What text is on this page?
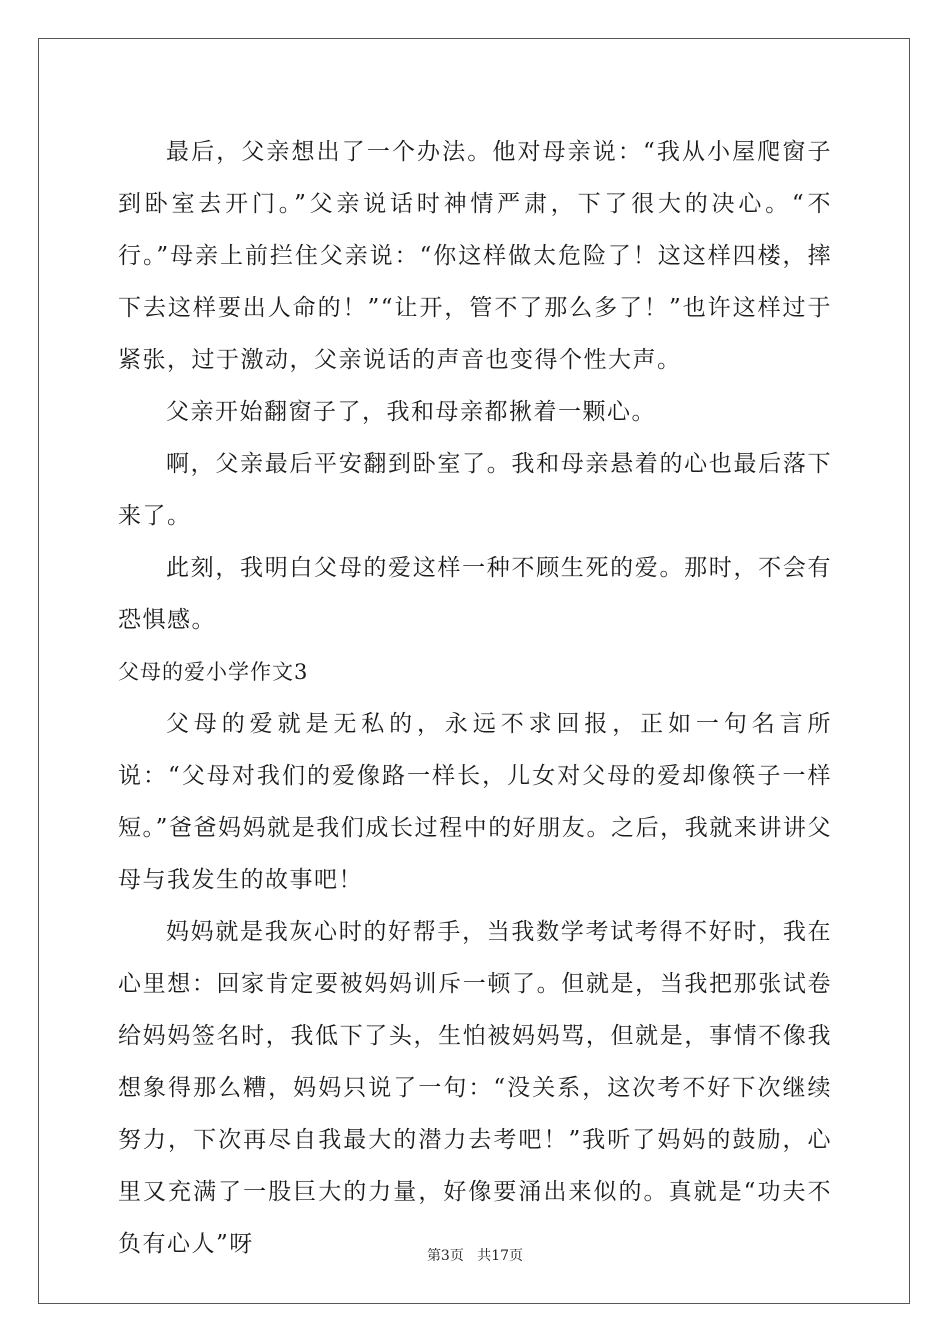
最后，父亲想出了一个办法。他对母亲说：“我从小屋爬窗子到卧室去开门。”父亲说话时神情严肃，下了很大的决心。“不行。”母亲上前拦住父亲说：“你这样做太危险了！这这样四楼，摔下去这样要出人命的！”“让开，管不了那么多了！”也许这样过于紧张，过于激动，父亲说话的声音也变得个性大声。

父亲开始翻窗子了，我和母亲都揪着一颗心。

啊，父亲最后平安翻到卧室了。我和母亲悬着的心也最后落下来了。

此刻，我明白父母的爱这样一种不顾生死的爱。那时，不会有恐惧感。

父母的爱小学作文3

父母的爱就是无私的，永远不求回报，正如一句名言所说：“父母对我们的爱像路一样长，儿女对父母的爱却像筷子一样短。”爸爸妈妈就是我们成长过程中的好朋友。之后，我就来讲讲父母与我发生的故事吧！

妈妈就是我灰心时的好帮手，当我数学考试考得不好时，我在心里想：回家肯定要被妈妈训斥一顿了。但就是，当我把那张试卷给妈妈签名时，我低下了头，生怕被妈妈骂，但就是，事情不像我想象得那么糟，妈妈只说了一句：“没关系，这次考不好下次继续努力，下次再尽自我最大的潜力去考吧！”我听了妈妈的鼓励，心里又充满了一股巨大的力量，好像要涌出来似的。真就是“功夫不负有心人”呀	第3页 共17页
